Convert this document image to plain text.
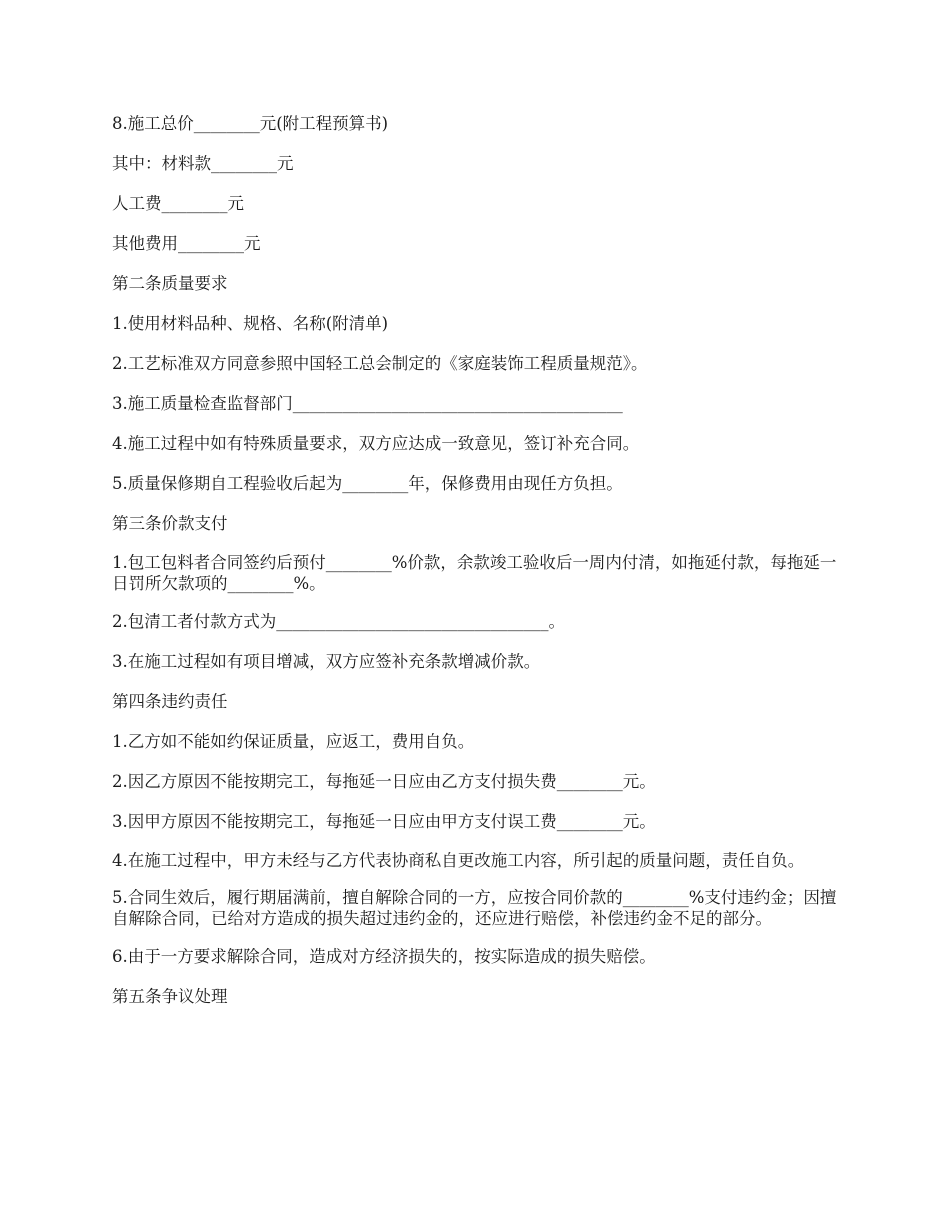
8.施工总价________元(附工程预算书)

其中：材料款________元

人工费________元

其他费用________元

第二条质量要求

1.使用材料品种、规格、名称(附清单)

2.工艺标准双方同意参照中国轻工总会制定的《家庭装饰工程质量规范》。

3.施工质量检查监督部门________________________________________

4.施工过程中如有特殊质量要求，双方应达成一致意见，签订补充合同。

5.质量保修期自工程验收后起为________年，保修费用由现任方负担。

第三条价款支付

1.包工包料者合同签约后预付________%价款，余款竣工验收后一周内付清，如拖延付款，每拖延一日罚所欠款项的________%。

2.包清工者付款方式为_________________________________。

3.在施工过程如有项目增减，双方应签补充条款增减价款。

第四条违约责任

1.乙方如不能如约保证质量，应返工，费用自负。

2.因乙方原因不能按期完工，每拖延一日应由乙方支付损失费________元。

3.因甲方原因不能按期完工，每拖延一日应由甲方支付误工费________元。

4.在施工过程中，甲方未经与乙方代表协商私自更改施工内容，所引起的质量问题，责任自负。

5.合同生效后，履行期届满前，擅自解除合同的一方，应按合同价款的________%支付违约金；因擅自解除合同，已给对方造成的损失超过违约金的，还应进行赔偿，补偿违约金不足的部分。

6.由于一方要求解除合同，造成对方经济损失的，按实际造成的损失赔偿。

第五条争议处理
